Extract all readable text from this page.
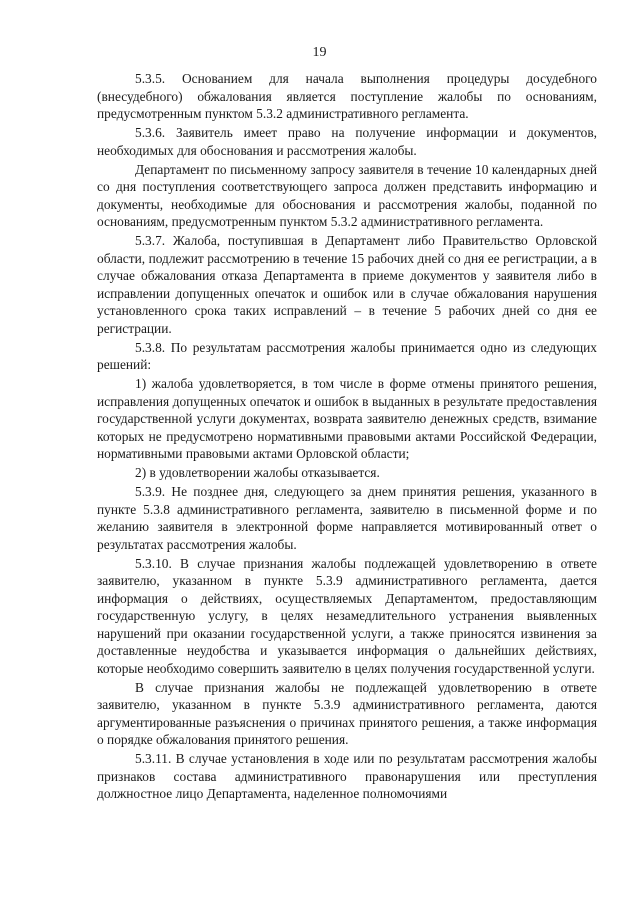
19

5.3.5. Основанием для начала выполнения процедуры досудебного (внесудебного) обжалования является поступление жалобы по основаниям, предусмотренным пунктом 5.3.2 административного регламента.

5.3.6. Заявитель имеет право на получение информации и документов, необходимых для обоснования и рассмотрения жалобы.

Департамент по письменному запросу заявителя в течение 10 календарных дней со дня поступления соответствующего запроса должен представить информацию и документы, необходимые для обоснования и рассмотрения жалобы, поданной по основаниям, предусмотренным пунктом 5.3.2 административного регламента.

5.3.7. Жалоба, поступившая в Департамент либо Правительство Орловской области, подлежит рассмотрению в течение 15 рабочих дней со дня ее регистрации, а в случае обжалования отказа Департамента в приеме документов у заявителя либо в исправлении допущенных опечаток и ошибок или в случае обжалования нарушения установленного срока таких исправлений – в течение 5 рабочих дней со дня ее регистрации.

5.3.8. По результатам рассмотрения жалобы принимается одно из следующих решений:

1) жалоба удовлетворяется, в том числе в форме отмены принятого решения, исправления допущенных опечаток и ошибок в выданных в результате предоставления государственной услуги документах, возврата заявителю денежных средств, взимание которых не предусмотрено нормативными правовыми актами Российской Федерации, нормативными правовыми актами Орловской области;

2) в удовлетворении жалобы отказывается.

5.3.9. Не позднее дня, следующего за днем принятия решения, указанного в пункте 5.3.8 административного регламента, заявителю в письменной форме и по желанию заявителя в электронной форме направляется мотивированный ответ о результатах рассмотрения жалобы.

5.3.10. В случае признания жалобы подлежащей удовлетворению в ответе заявителю, указанном в пункте 5.3.9 административного регламента, дается информация о действиях, осуществляемых Департаментом, предоставляющим государственную услугу, в целях незамедлительного устранения выявленных нарушений при оказании государственной услуги, а также приносятся извинения за доставленные неудобства и указывается информация о дальнейших действиях, которые необходимо совершить заявителю в целях получения государственной услуги.

В случае признания жалобы не подлежащей удовлетворению в ответе заявителю, указанном в пункте 5.3.9 административного регламента, даются аргументированные разъяснения о причинах принятого решения, а также информация о порядке обжалования принятого решения.

5.3.11. В случае установления в ходе или по результатам рассмотрения жалобы признаков состава административного правонарушения или преступления должностное лицо Департамента, наделенное полномочиями
